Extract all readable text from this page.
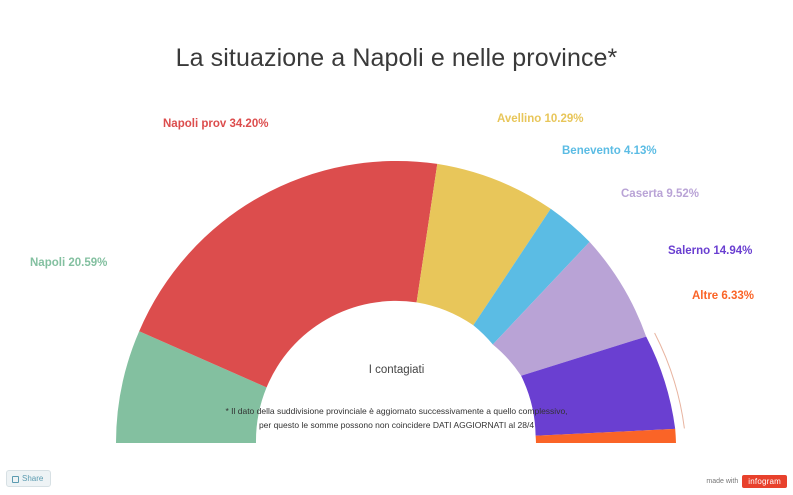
La situazione a Napoli e nelle province*
Napoli 20.59%
Napoli prov 34.20%	Avellino 10.29%
Benevento 4.13%
Caserta 9.52%
Salerno 14.94%
Altre 6.33%
I contagiati
* Il dato della suddivisione provinciale è aggiornato successivamente a quello complessivo,
per questo le somme possono non coincidere DATI AGGIORNATI al 28/4
Share	made with	infogram
